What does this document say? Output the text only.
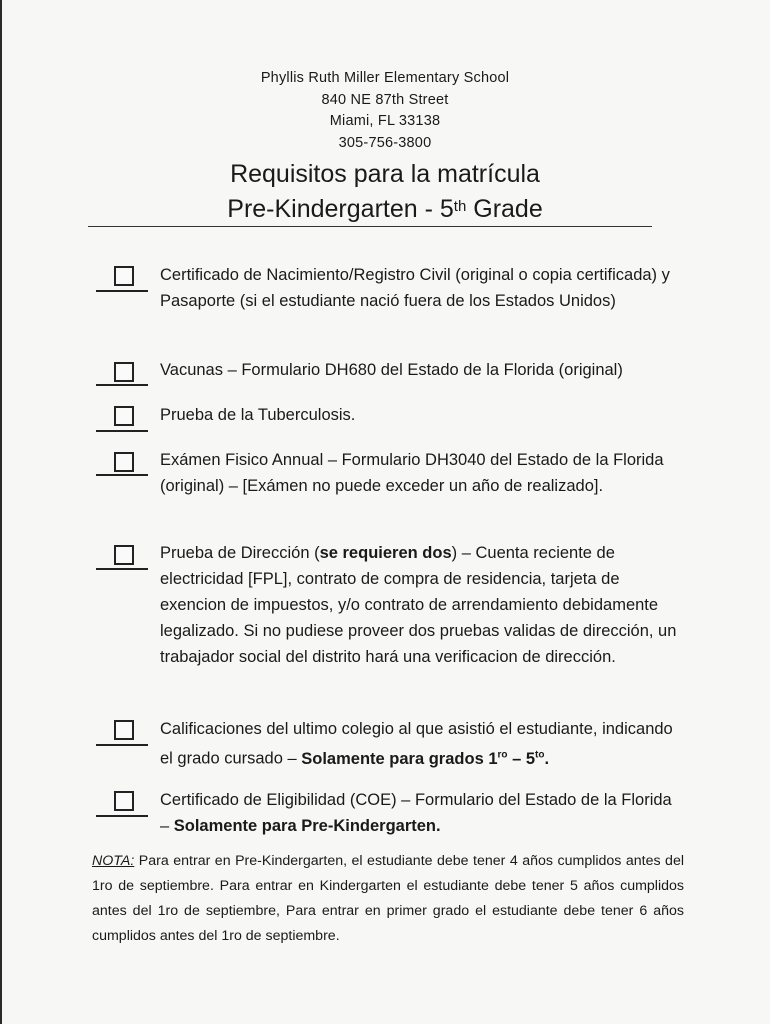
Phyllis Ruth Miller Elementary School
840 NE 87th Street
Miami, FL 33138
305-756-3800
Requisitos para la matrícula
Pre-Kindergarten - 5th Grade
Certificado de Nacimiento/Registro Civil (original o copia certificada) y Pasaporte (si el estudiante nació fuera de los Estados Unidos)
Vacunas – Formulario DH680 del Estado de la Florida (original)
Prueba de la Tuberculosis.
Exámen Fisico Annual – Formulario DH3040 del Estado de la Florida (original) – [Exámen no puede exceder un año de realizado].
Prueba de Dirección (se requieren dos) – Cuenta reciente de electricidad [FPL], contrato de compra de residencia, tarjeta de exencion de impuestos, y/o contrato de arrendamiento debidamente legalizado. Si no pudiese proveer dos pruebas validas de dirección, un trabajador social del distrito hará una verificacion de dirección.
Calificaciones del ultimo colegio al que asistió el estudiante, indicando el grado cursado – Solamente para grados $1^{ro} - 5^{to}$.
Certificado de Eligibilidad (COE) – Formulario del Estado de la Florida – Solamente para Pre-Kindergarten.
NOTA: Para entrar en Pre-Kindergarten, el estudiante debe tener 4 años cumplidos antes del 1ro de septiembre. Para entrar en Kindergarten el estudiante debe tener 5 años cumplidos antes del 1ro de septiembre, Para entrar en primer grado el estudiante debe tener 6 años cumplidos antes del 1ro de septiembre.
